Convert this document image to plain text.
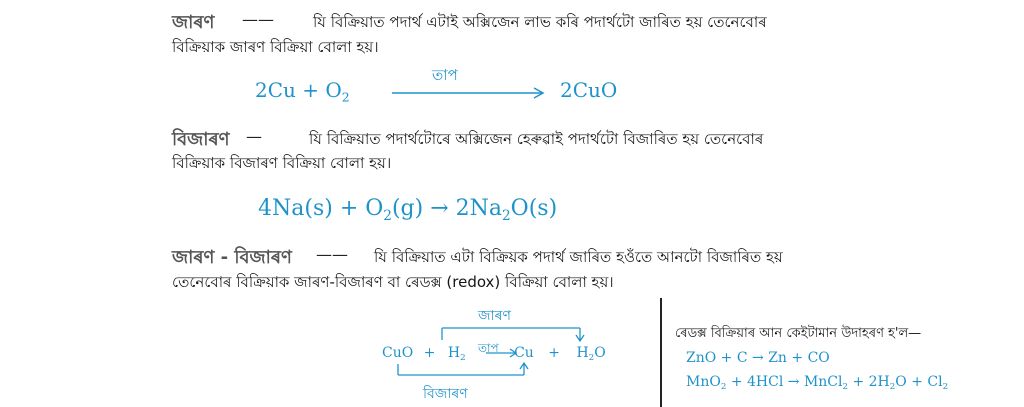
জাৰণ ——	যি বিক্ৰিয়াত পদাৰ্থ এটাই অক্সিজেন লাভ কৰি পদাৰ্থটো জাৰিত হয় তেনেবোৰ
বিক্ৰিয়াক জাৰণ বিক্ৰিয়া বোলা হয়।
$2Cu + O_2$
তাপ
2CuO
বিজাৰণ —	যি বিক্ৰিয়াত পদাৰ্থটোৰে অক্সিজেন হেৰুৱাই পদাৰ্থটো বিজাৰিত হয় তেনেবোৰ
বিক্ৰিয়াক বিজাৰণ বিক্ৰিয়া বোলা হয়।
$4Na(s) + O_2(g) \to 2Na_2O(s)$
জাৰণ - বিজাৰণ —— যি বিক্ৰিয়াত এটা বিক্ৰিয়ক পদাৰ্থ জাৰিত হওঁতে আনটো বিজাৰিত হয়
তেনেবোৰ বিক্ৰিয়াক জাৰণ-বিজাৰণ বা ৰেডক্স (redox) বিক্ৰিয়া বোলা হয়।
জাৰণ
বিজাৰণ
তাপ
CuO + $H_2$	$Cu + H_2O$
ৰেডক্স বিক্ৰিয়াৰ আন কেইটামান উদাহৰণ হ'ল—
ZnO + C → Zn + CO
MnO$_2$ + 4HCl → MnCl$_2$ + $2H_2O + Cl_2$
